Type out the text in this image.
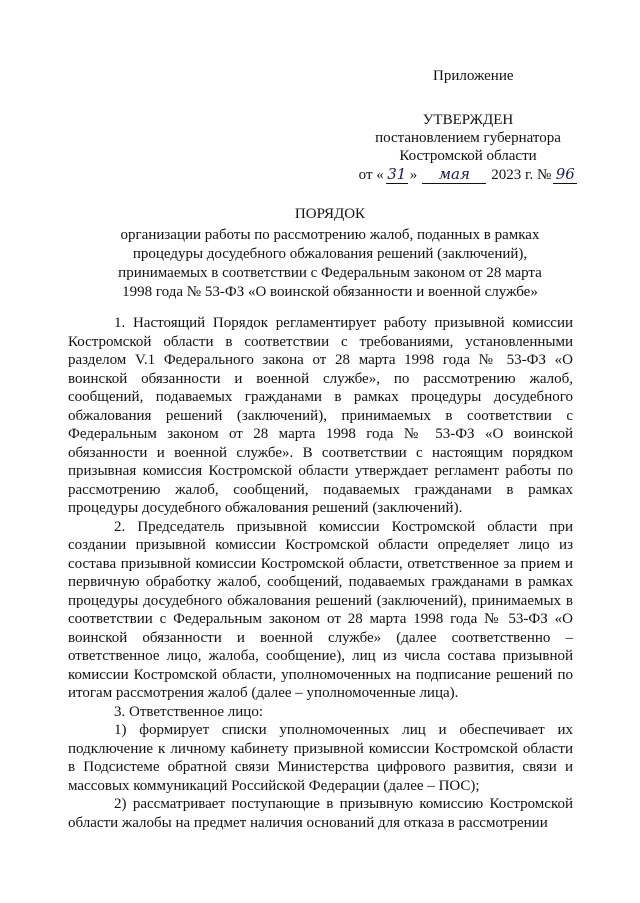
Приложение
УТВЕРЖДЕН
постановлением губернатора
Костромской области
от « 31 »	мая	2023 г. № 96
ПОРЯДОК
организации работы по рассмотрению жалоб, поданных в рамках
процедуры досудебного обжалования решений (заключений),
принимаемых в соответствии с Федеральным законом от 28 марта
1998 года № 53-ФЗ «О воинской обязанности и военной службе»

1. Настоящий Порядок регламентирует работу призывной комиссии Костромской области в соответствии с требованиями, установленными разделом V.1 Федерального закона от 28 марта 1998 года № 53-ФЗ «О воинской обязанности и военной службе», по рассмотрению жалоб, сообщений, подаваемых гражданами в рамках процедуры досудебного обжалования решений (заключений), принимаемых в соответствии с Федеральным законом от 28 марта 1998 года № 53-ФЗ «О воинской обязанности и военной службе». В соответствии с настоящим порядком призывная комиссия Костромской области утверждает регламент работы по рассмотрению жалоб, сообщений, подаваемых гражданами в рамках процедуры досудебного обжалования решений (заключений).

2. Председатель призывной комиссии Костромской области при создании призывной комиссии Костромской области определяет лицо из состава призывной комиссии Костромской области, ответственное за прием и первичную обработку жалоб, сообщений, подаваемых гражданами в рамках процедуры досудебного обжалования решений (заключений), принимаемых в соответствии с Федеральным законом от 28 марта 1998 года № 53-ФЗ «О воинской обязанности и военной службе» (далее соответственно – ответственное лицо, жалоба, сообщение), лиц из числа состава призывной комиссии Костромской области, уполномоченных на подписание решений по итогам рассмотрения жалоб (далее – уполномоченные лица).

3. Ответственное лицо:

1) формирует списки уполномоченных лиц и обеспечивает их подключение к личному кабинету призывной комиссии Костромской области в Подсистеме обратной связи Министерства цифрового развития, связи и массовых коммуникаций Российской Федерации (далее – ПОС);

2) рассматривает поступающие в призывную комиссию Костромской области жалобы на предмет наличия оснований для отказа в рассмотрении
